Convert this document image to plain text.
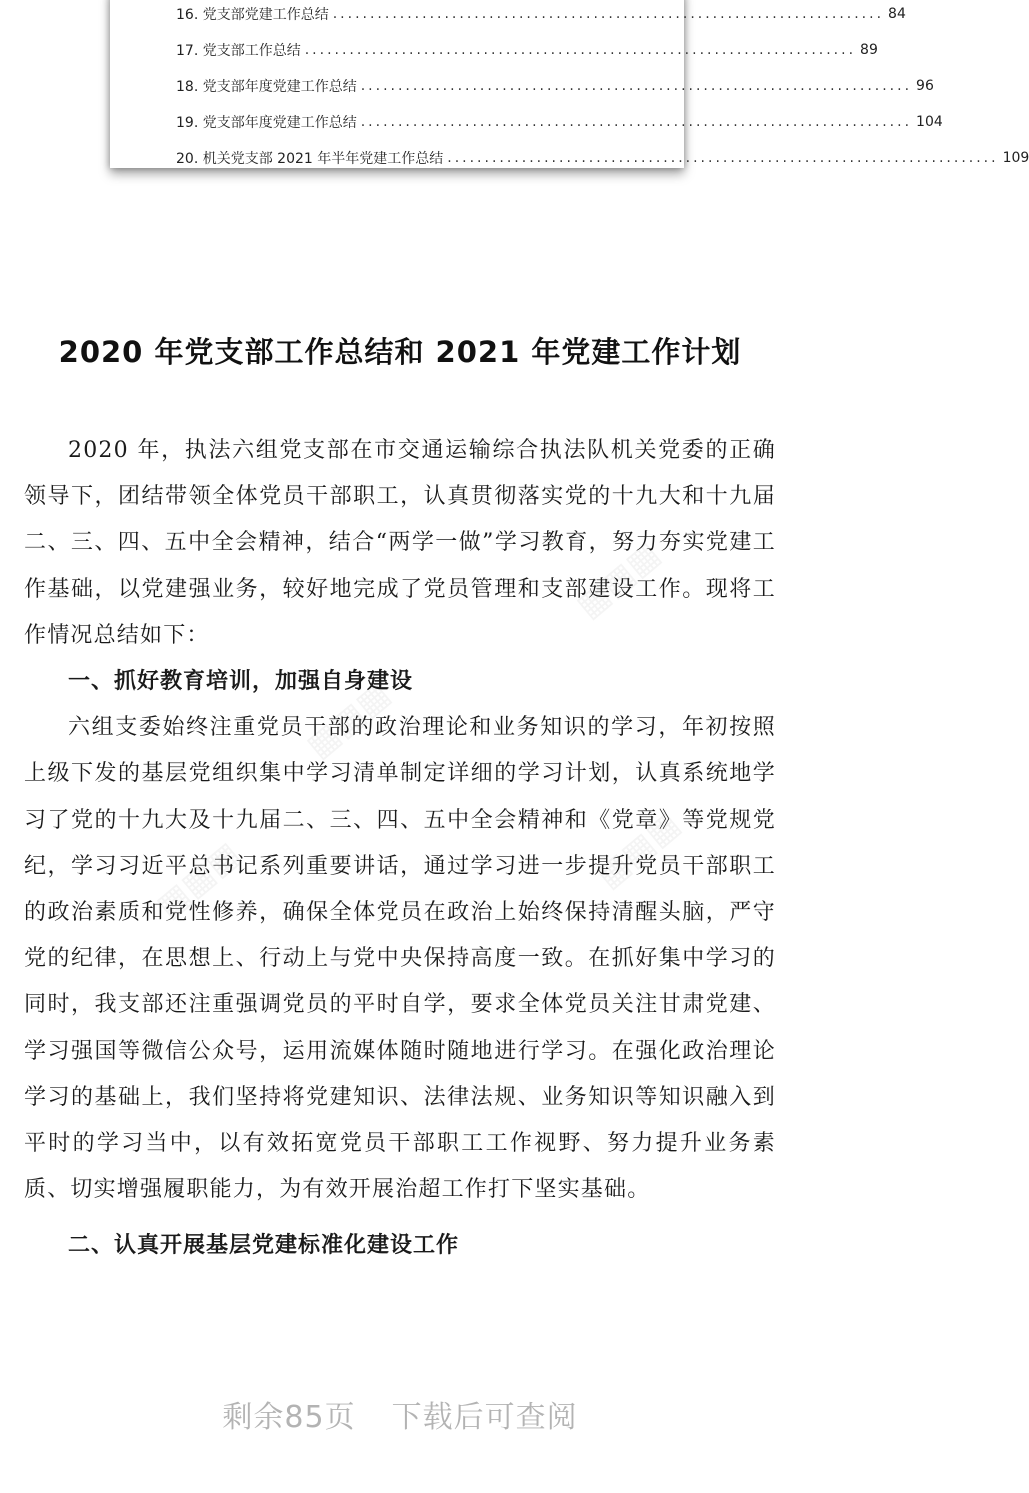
16. 党支部党建工作总结 .......................................................................... 84
17. 党支部工作总结 .......................................................................... 89
18. 党支部年度党建工作总结 .......................................................................... 96
19. 党支部年度党建工作总结 .......................................................................... 104
20. 机关党支部 2021 年半年党建工作总结 .......................................................................... 109
2020 年党支部工作总结和 2021 年党建工作计划

2020 年，执法六组党支部在市交通运输综合执法队机关党委的正确领导下，团结带领全体党员干部职工，认真贯彻落实党的十九大和十九届二、三、四、五中全会精神，结合“两学一做”学习教育，努力夯实党建工作基础，以党建强业务，较好地完成了党员管理和支部建设工作。现将工作情况总结如下：

一、抓好教育培训，加强自身建设

六组支委始终注重党员干部的政治理论和业务知识的学习，年初按照上级下发的基层党组织集中学习清单制定详细的学习计划，认真系统地学习了党的十九大及十九届二、三、四、五中全会精神和《党章》等党规党纪，学习习近平总书记系列重要讲话，通过学习进一步提升党员干部职工的政治素质和党性修养，确保全体党员在政治上始终保持清醒头脑，严守党的纪律，在思想上、行动上与党中央保持高度一致。在抓好集中学习的同时，我支部还注重强调党员的平时自学，要求全体党员关注甘肃党建、学习强国等微信公众号，运用流媒体随时随地进行学习。在强化政治理论学习的基础上，我们坚持将党建知识、法律法规、业务知识等知识融入到平时的学习当中，以有效拓宽党员干部职工工作视野、努力提升业务素质、切实增强履职能力，为有效开展治超工作打下坚实基础。

二、认真开展基层党建标准化建设工作
剩余85页 下载后可查阅
